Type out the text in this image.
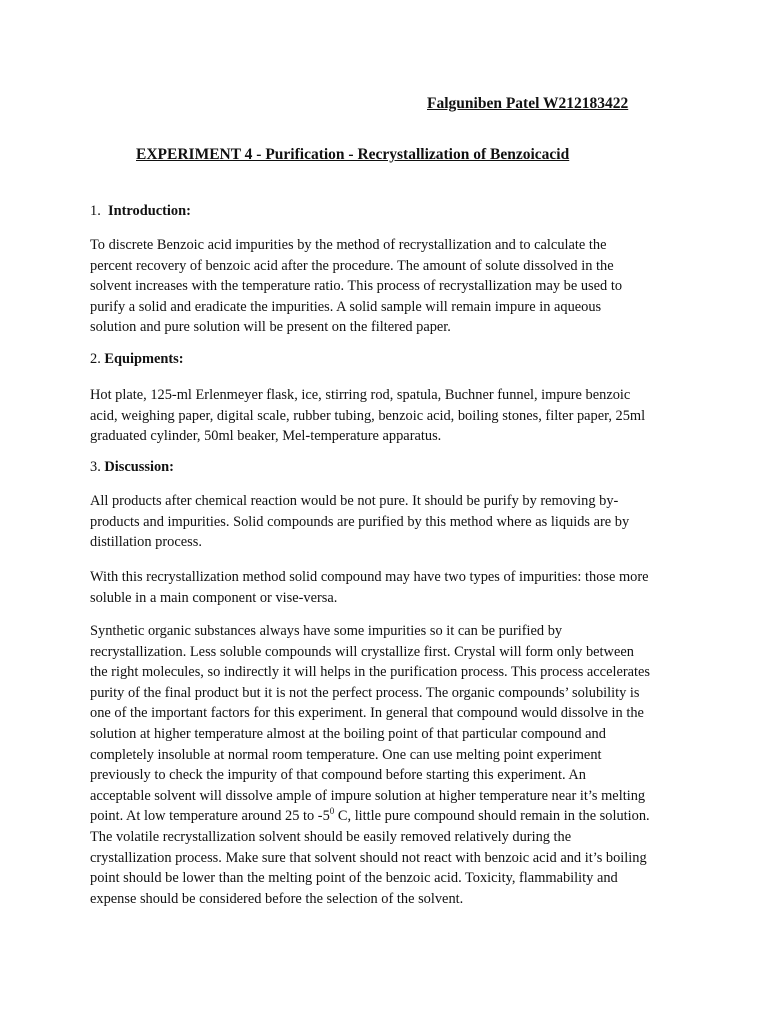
Falguniben Patel W212183422
EXPERIMENT 4 - Purification - Recrystallization of Benzoicacid
1. Introduction:
To discrete Benzoic acid impurities by the method of recrystallization and to calculate the
percent recovery of benzoic acid after the procedure. The amount of solute dissolved in the
solvent increases with the temperature ratio. This process of recrystallization may be used to
purify a solid and eradicate the impurities. A solid sample will remain impure in aqueous
solution and pure solution will be present on the filtered paper.
2. Equipments:
Hot plate, 125-ml Erlenmeyer flask, ice, stirring rod, spatula, Buchner funnel, impure benzoic
acid, weighing paper, digital scale, rubber tubing, benzoic acid, boiling stones, filter paper, 25ml
graduated cylinder, 50ml beaker, Mel-temperature apparatus.
3. Discussion:
All products after chemical reaction would be not pure. It should be purify by removing by-
products and impurities. Solid compounds are purified by this method where as liquids are by
distillation process.
With this recrystallization method solid compound may have two types of impurities: those more
soluble in a main component or vise-versa.
Synthetic organic substances always have some impurities so it can be purified by
recrystallization. Less soluble compounds will crystallize first. Crystal will form only between
the right molecules, so indirectly it will helps in the purification process. This process accelerates
purity of the final product but it is not the perfect process. The organic compounds’ solubility is
one of the important factors for this experiment. In general that compound would dissolve in the
solution at higher temperature almost at the boiling point of that particular compound and
completely insoluble at normal room temperature. One can use melting point experiment
previously to check the impurity of that compound before starting this experiment. An
acceptable solvent will dissolve ample of impure solution at higher temperature near it’s melting
point. At low temperature around 25 to $-5^0$ C, little pure compound should remain in the solution.
The volatile recrystallization solvent should be easily removed relatively during the
crystallization process. Make sure that solvent should not react with benzoic acid and it’s boiling
point should be lower than the melting point of the benzoic acid. Toxicity, flammability and
expense should be considered before the selection of the solvent.
